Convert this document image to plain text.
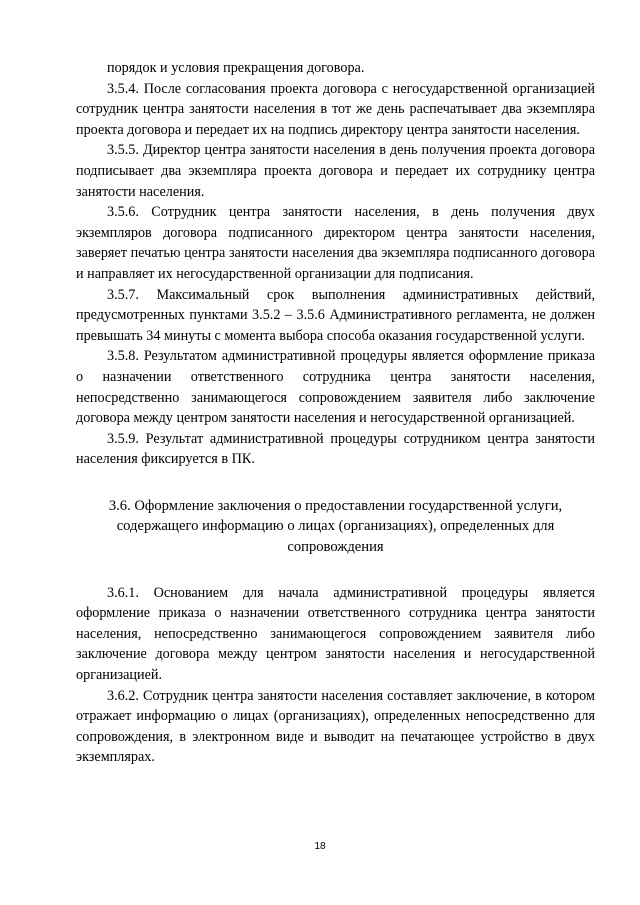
порядок и условия прекращения договора.

3.5.4. После согласования проекта договора с негосударственной организацией сотрудник центра занятости населения в тот же день распечатывает два экземпляра проекта договора и передает их на подпись директору центра занятости населения.

3.5.5. Директор центра занятости населения в день получения проекта договора подписывает два экземпляра проекта договора и передает их сотруднику центра занятости населения.

3.5.6. Сотрудник центра занятости населения, в день получения двух экземпляров договора подписанного директором центра занятости населения, заверяет печатью центра занятости населения два экземпляра подписанного договора и направляет их негосударственной организации для подписания.

3.5.7. Максимальный срок выполнения административных действий, предусмотренных пунктами 3.5.2 – 3.5.6 Административного регламента, не должен превышать 34 минуты с момента выбора способа оказания государственной услуги.

3.5.8. Результатом административной процедуры является оформление приказа о назначении ответственного сотрудника центра занятости населения, непосредственно занимающегося сопровождением заявителя либо заключение договора между центром занятости населения и негосударственной организацией.

3.5.9. Результат административной процедуры сотрудником центра занятости населения фиксируется в ПК.

3.6. Оформление заключения о предоставлении государственной услуги,
содержащего информацию о лицах (организациях), определенных для
сопровождения

3.6.1. Основанием для начала административной процедуры является оформление приказа о назначении ответственного сотрудника центра занятости населения, непосредственно занимающегося сопровождением заявителя либо заключение договора между центром занятости населения и негосударственной организацией.

3.6.2. Сотрудник центра занятости населения составляет заключение, в котором отражает информацию о лицах (организациях), определенных непосредственно для сопровождения, в электронном виде и выводит на печатающее устройство в двух экземплярах.

18
